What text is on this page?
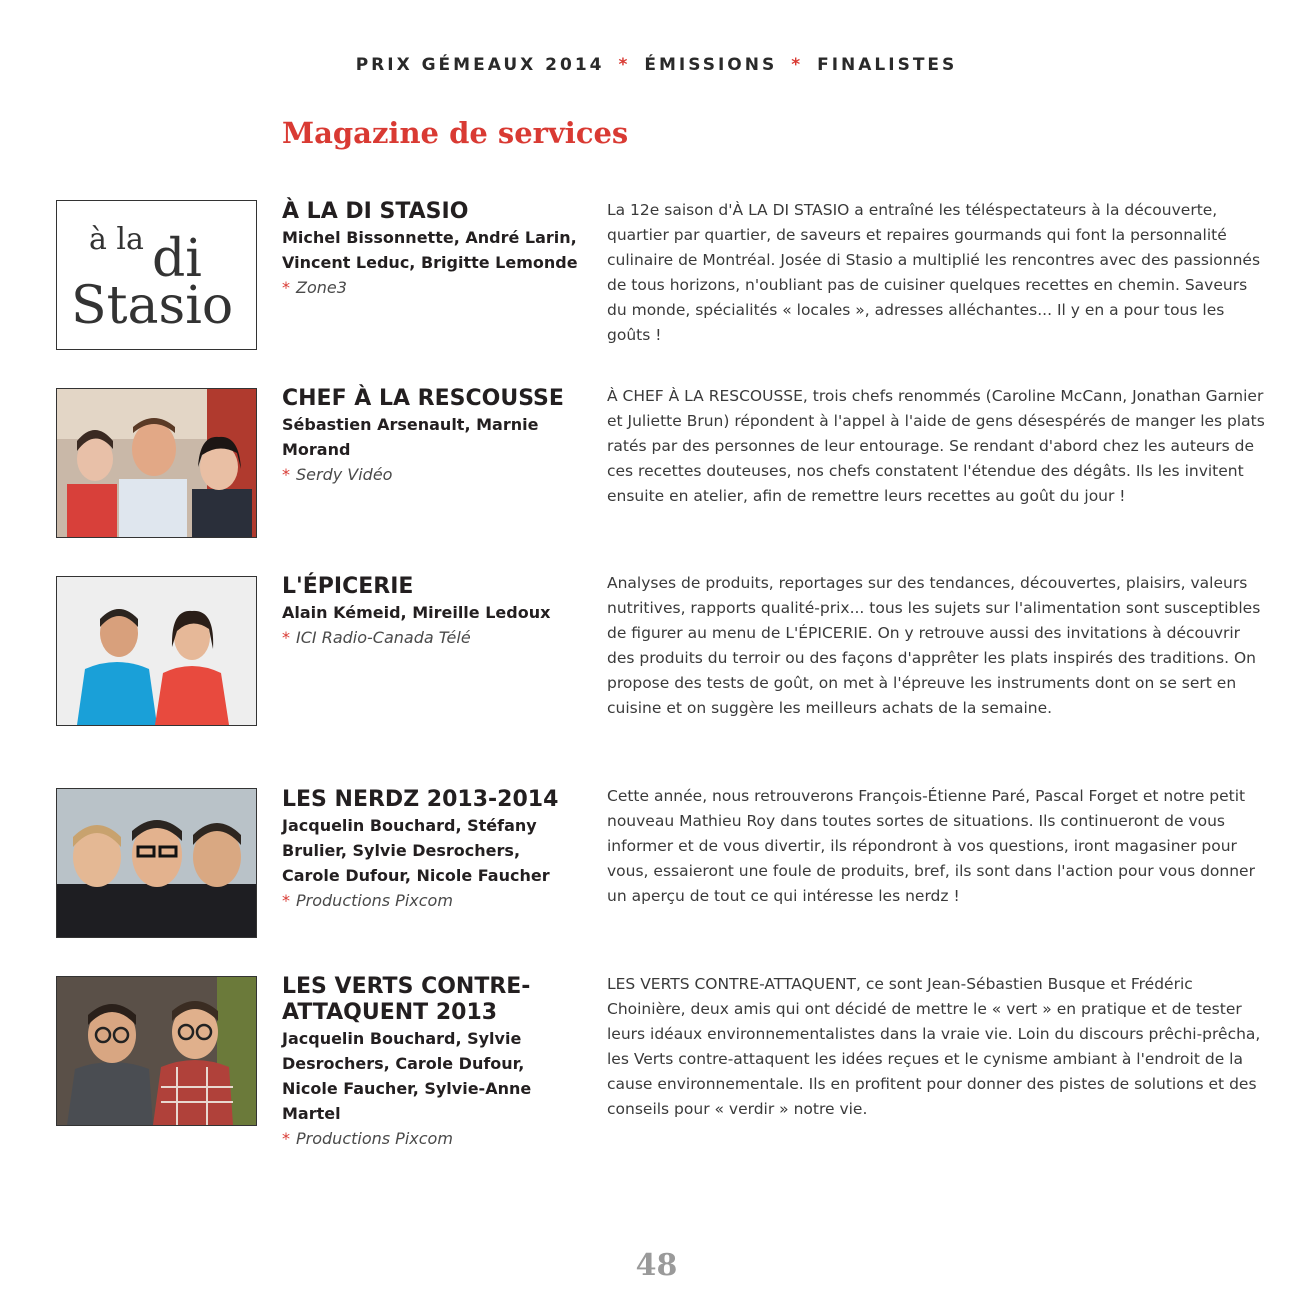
PRIX GÉMEAUX 2014 * ÉMISSIONS * FINALISTES
Magazine de services
à la di
Stasio
À LA DI STASIO
Michel Bissonnette, André Larin, Vincent Leduc, Brigitte Lemonde
* Zone3

La 12e saison d'À LA DI STASIO a entraîné les téléspectateurs à la découverte, quartier par quartier, de saveurs et repaires gourmands qui font la personnalité culinaire de Montréal. Josée di Stasio a multiplié les rencontres avec des passionnés de tous horizons, n'oubliant pas de cuisiner quelques recettes en chemin. Saveurs du monde, spécialités « locales », adresses alléchantes... Il y en a pour tous les goûts !

CHEF À LA RESCOUSSE
Sébastien Arsenault, Marnie Morand
* Serdy Vidéo

À CHEF À LA RESCOUSSE, trois chefs renommés (Caroline McCann, Jonathan Garnier et Juliette Brun) répondent à l'appel à l'aide de gens désespérés de manger les plats ratés par des personnes de leur entourage. Se rendant d'abord chez les auteurs de ces recettes douteuses, nos chefs constatent l'étendue des dégâts. Ils les invitent ensuite en atelier, afin de remettre leurs recettes au goût du jour !

L'ÉPICERIE
Alain Kémeid, Mireille Ledoux
* ICI Radio-Canada Télé

Analyses de produits, reportages sur des tendances, découvertes, plaisirs, valeurs nutritives, rapports qualité-prix... tous les sujets sur l'alimentation sont susceptibles de figurer au menu de L'ÉPICERIE. On y retrouve aussi des invitations à découvrir des produits du terroir ou des façons d'apprêter les plats inspirés des traditions. On propose des tests de goût, on met à l'épreuve les instruments dont on se sert en cuisine et on suggère les meilleurs achats de la semaine.

LES NERDZ 2013-2014
Jacquelin Bouchard, Stéfany Brulier, Sylvie Desrochers, Carole Dufour, Nicole Faucher
* Productions Pixcom

Cette année, nous retrouverons François-Étienne Paré, Pascal Forget et notre petit nouveau Mathieu Roy dans toutes sortes de situations. Ils continueront de vous informer et de vous divertir, ils répondront à vos questions, iront magasiner pour vous, essaieront une foule de produits, bref, ils sont dans l'action pour vous donner un aperçu de tout ce qui intéresse les nerdz !

LES VERTS CONTRE-ATTAQUENT 2013
Jacquelin Bouchard, Sylvie Desrochers, Carole Dufour, Nicole Faucher, Sylvie-Anne Martel
* Productions Pixcom

LES VERTS CONTRE-ATTAQUENT, ce sont Jean-Sébastien Busque et Frédéric Choinière, deux amis qui ont décidé de mettre le « vert » en pratique et de tester leurs idéaux environnementalistes dans la vraie vie. Loin du discours prêchi-prêcha, les Verts contre-attaquent les idées reçues et le cynisme ambiant à l'endroit de la cause environnementale. Ils en profitent pour donner des pistes de solutions et des conseils pour « verdir » notre vie.

48
